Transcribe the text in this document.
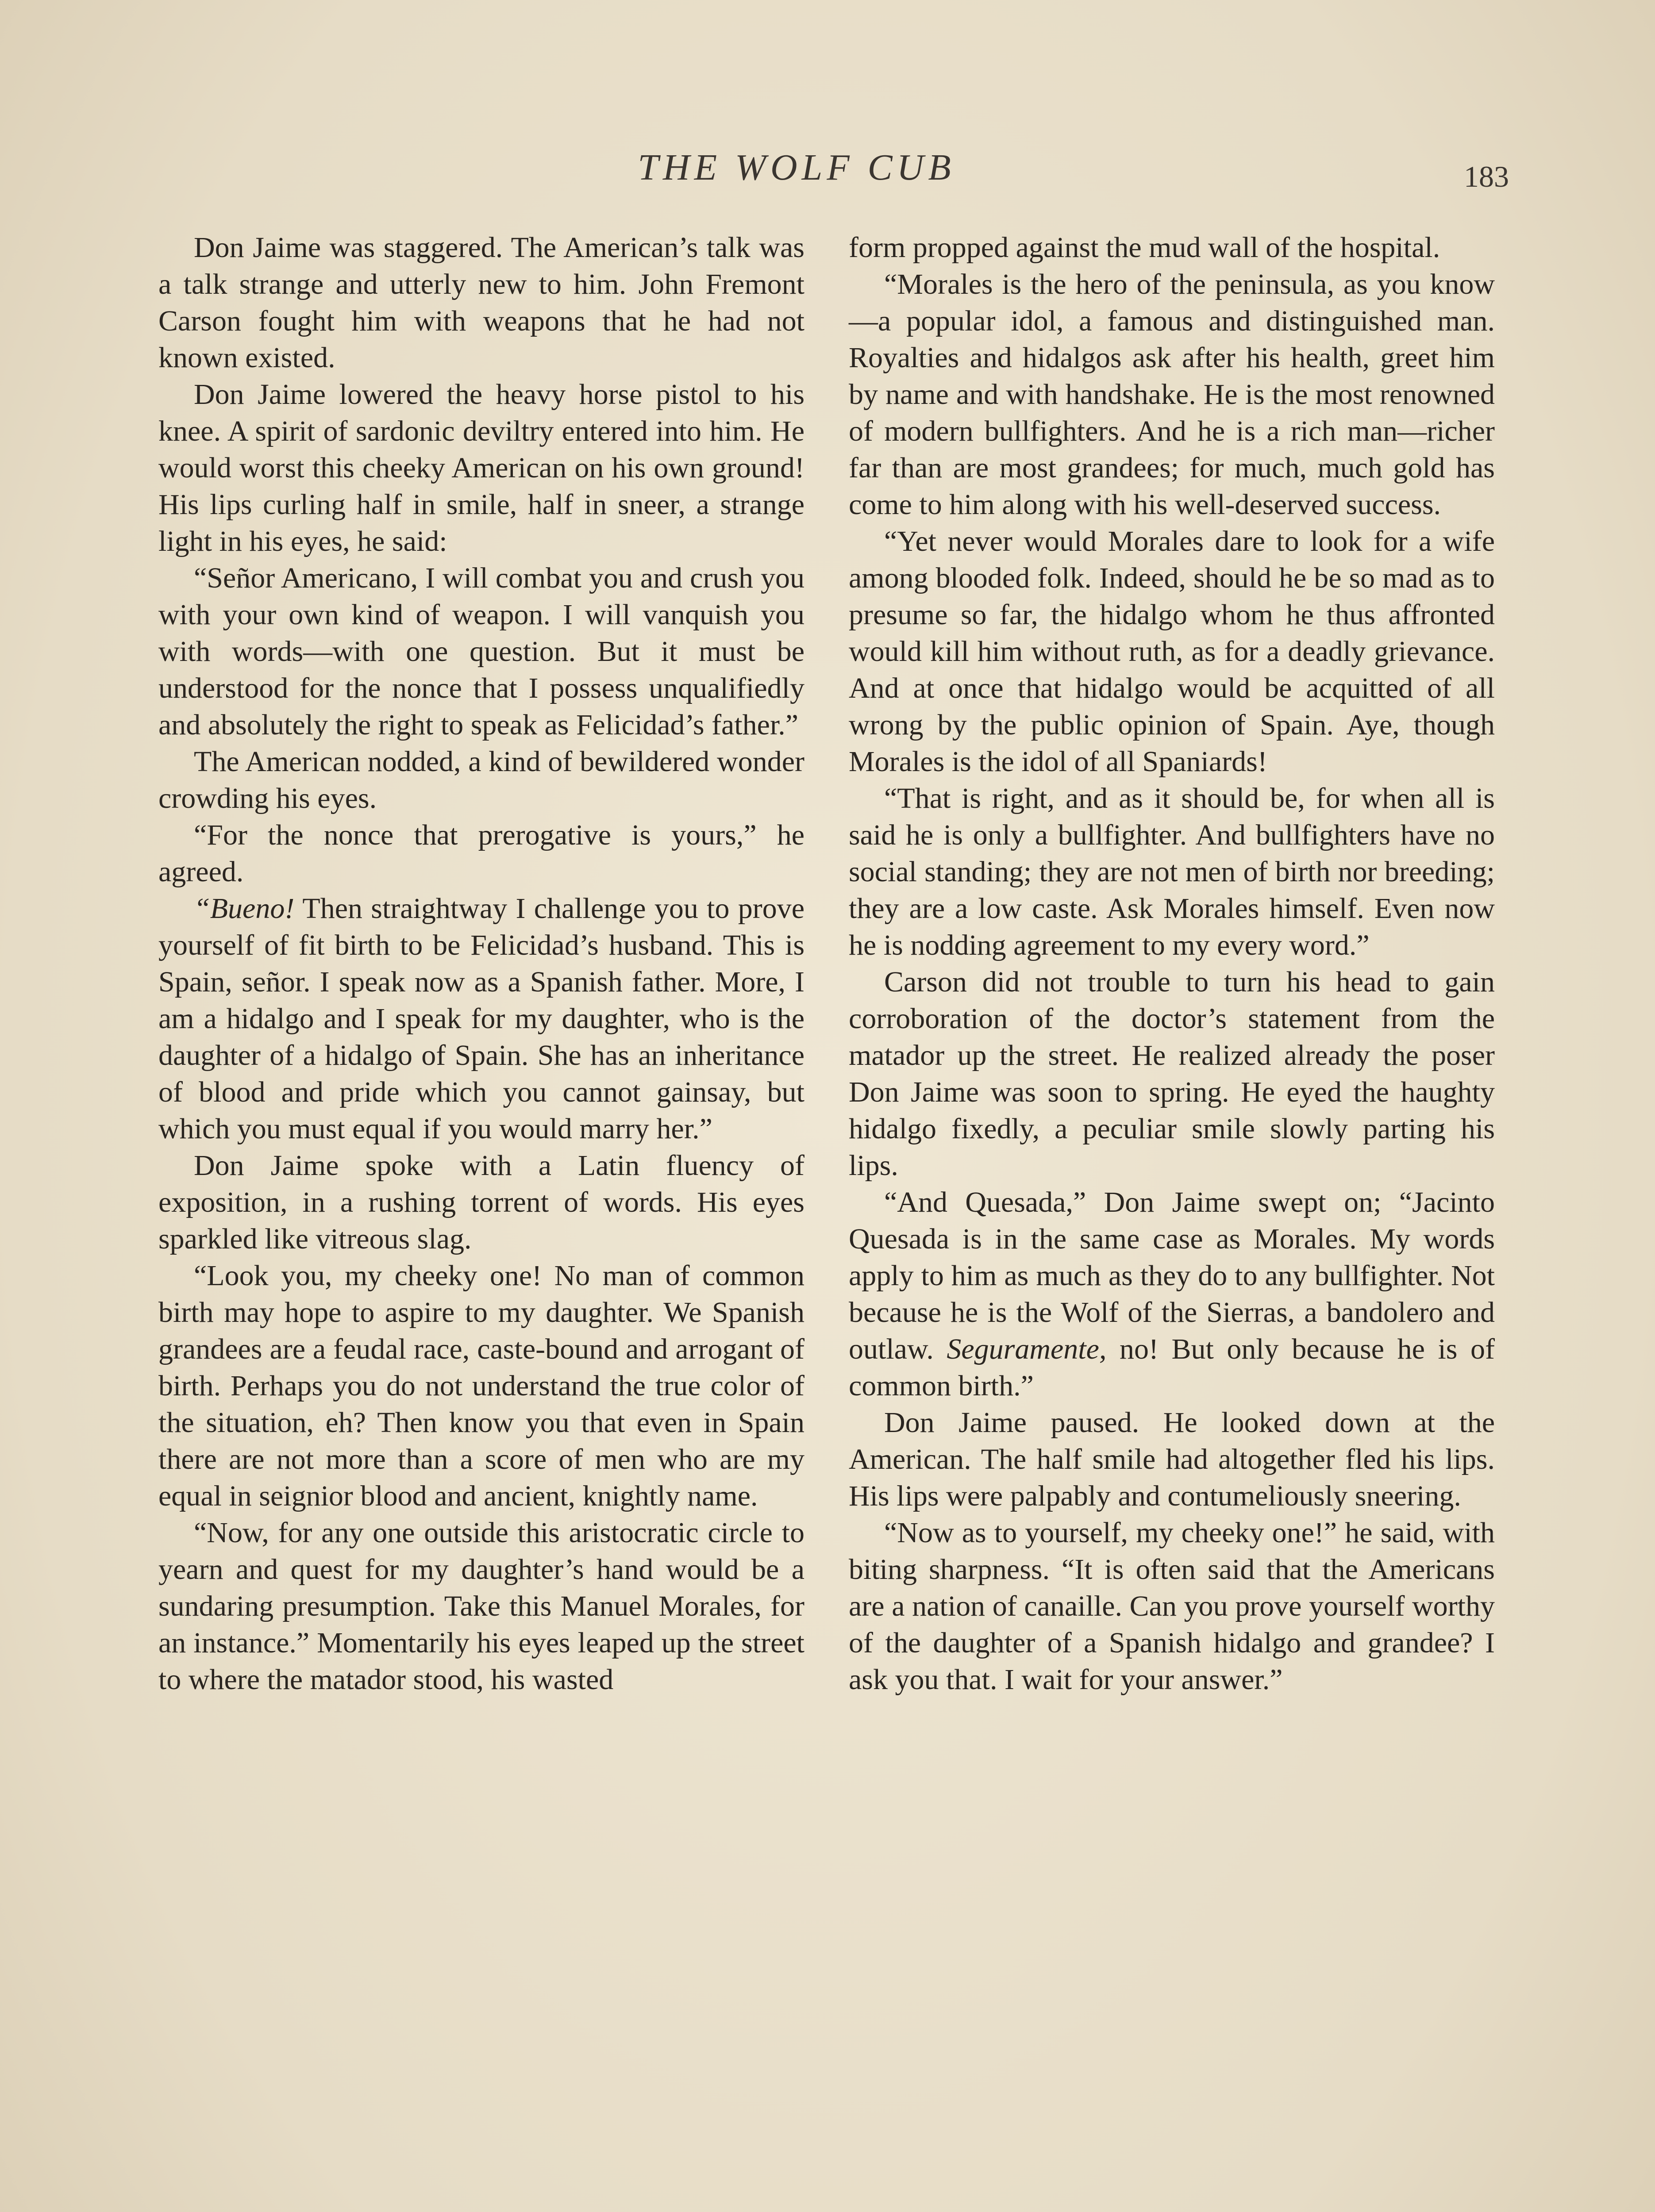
THE WOLF CUB	183

Don Jaime was staggered. The American’s talk was a talk strange and utterly new to him. John Fremont Carson fought him with weapons that he had not known existed.

Don Jaime lowered the heavy horse pistol to his knee. A spirit of sardonic deviltry entered into him. He would worst this cheeky American on his own ground! His lips curling half in smile, half in sneer, a strange light in his eyes, he said:

“Señor Americano, I will combat you and crush you with your own kind of weapon. I will vanquish you with words—with one question. But it must be understood for the nonce that I possess unqualifiedly and absolutely the right to speak as Felicidad’s father.”

The American nodded, a kind of bewildered wonder crowding his eyes.

“For the nonce that prerogative is yours,” he agreed.

“Bueno! Then straightway I challenge you to prove yourself of fit birth to be Felicidad’s husband. This is Spain, señor. I speak now as a Spanish father. More, I am a hidalgo and I speak for my daughter, who is the daughter of a hidalgo of Spain. She has an inheritance of blood and pride which you cannot gainsay, but which you must equal if you would marry her.”

Don Jaime spoke with a Latin fluency of exposition, in a rushing torrent of words. His eyes sparkled like vitreous slag.

“Look you, my cheeky one! No man of common birth may hope to aspire to my daughter. We Spanish grandees are a feudal race, caste-bound and arrogant of birth. Perhaps you do not understand the true color of the situation, eh? Then know you that even in Spain there are not more than a score of men who are my equal in seignior blood and ancient, knightly name.

“Now, for any one outside this aristocratic circle to yearn and quest for my daughter’s hand would be a sundaring presumption. Take this Manuel Morales, for an instance.” Momentarily his eyes leaped up the street to where the matador stood, his wasted

form propped against the mud wall of the hospital.

“Morales is the hero of the peninsula, as you know—a popular idol, a famous and distinguished man. Royalties and hidalgos ask after his health, greet him by name and with handshake. He is the most renowned of modern bullfighters. And he is a rich man—richer far than are most grandees; for much, much gold has come to him along with his well-deserved success.

“Yet never would Morales dare to look for a wife among blooded folk. Indeed, should he be so mad as to presume so far, the hidalgo whom he thus affronted would kill him without ruth, as for a deadly grievance. And at once that hidalgo would be acquitted of all wrong by the public opinion of Spain. Aye, though Morales is the idol of all Spaniards!

“That is right, and as it should be, for when all is said he is only a bullfighter. And bullfighters have no social standing; they are not men of birth nor breeding; they are a low caste. Ask Morales himself. Even now he is nodding agreement to my every word.”

Carson did not trouble to turn his head to gain corroboration of the doctor’s statement from the matador up the street. He realized already the poser Don Jaime was soon to spring. He eyed the haughty hidalgo fixedly, a peculiar smile slowly parting his lips.

“And Quesada,” Don Jaime swept on; “Jacinto Quesada is in the same case as Morales. My words apply to him as much as they do to any bullfighter. Not because he is the Wolf of the Sierras, a bandolero and outlaw. Seguramente, no! But only because he is of common birth.”

Don Jaime paused. He looked down at the American. The half smile had altogether fled his lips. His lips were palpably and contumeliously sneering.

“Now as to yourself, my cheeky one!” he said, with biting sharpness. “It is often said that the Americans are a nation of canaille. Can you prove yourself worthy of the daughter of a Spanish hidalgo and grandee? I ask you that. I wait for your answer.”
